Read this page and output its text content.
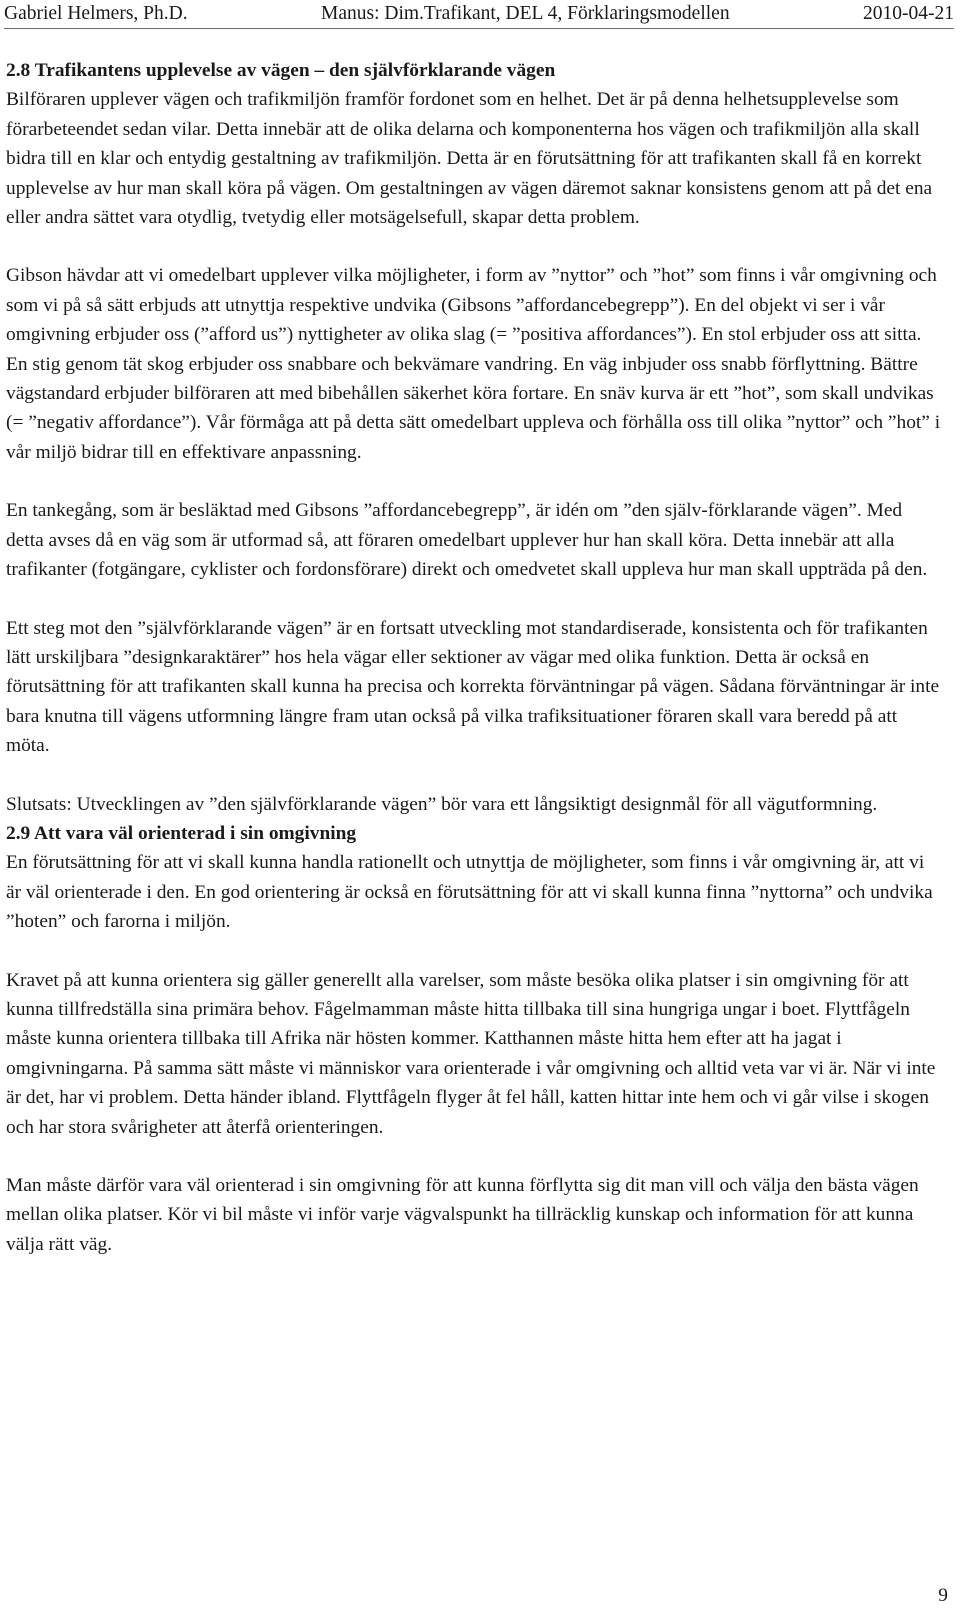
Gabriel Helmers, Ph.D.	Manus: Dim.Trafikant, DEL 4, Förklaringsmodellen	2010-04-21
2.8 Trafikantens upplevelse av vägen – den självförklarande vägen

Bilföraren upplever vägen och trafikmiljön framför fordonet som en helhet. Det är på denna helhetsupplevelse som förarbeteendet sedan vilar. Detta innebär att de olika delarna och komponenterna hos vägen och trafikmiljön alla skall bidra till en klar och entydig gestaltning av trafikmiljön. Detta är en förutsättning för att trafikanten skall få en korrekt upplevelse av hur man skall köra på vägen. Om gestaltningen av vägen däremot saknar konsistens genom att på det ena eller andra sättet vara otydlig, tvetydig eller motsägelsefull, skapar detta problem.

Gibson hävdar att vi omedelbart upplever vilka möjligheter, i form av ”nyttor” och ”hot” som finns i vår omgivning och som vi på så sätt erbjuds att utnyttja respektive undvika (Gibsons ”affordancebegrepp”). En del objekt vi ser i vår omgivning erbjuder oss (”afford us”) nyttigheter av olika slag (= ”positiva affordances”). En stol erbjuder oss att sitta. En stig genom tät skog erbjuder oss snabbare och bekvämare vandring. En väg inbjuder oss snabb förflyttning. Bättre vägstandard erbjuder bilföraren att med bibehållen säkerhet köra fortare. En snäv kurva är ett ”hot”, som skall undvikas (= ”negativ affordance”). Vår förmåga att på detta sätt omedelbart uppleva och förhålla oss till olika ”nyttor” och ”hot” i vår miljö bidrar till en effektivare anpassning.

En tankegång, som är besläktad med Gibsons ”affordancebegrepp”, är idén om ”den själv-förklarande vägen”. Med detta avses då en väg som är utformad så, att föraren omedelbart upplever hur han skall köra. Detta innebär att alla trafikanter (fotgängare, cyklister och fordonsförare) direkt och omedvetet skall uppleva hur man skall uppträda på den.

Ett steg mot den ”självförklarande vägen” är en fortsatt utveckling mot standardiserade, konsistenta och för trafikanten lätt urskiljbara ”designkaraktärer” hos hela vägar eller sektioner av vägar med olika funktion. Detta är också en förutsättning för att trafikanten skall kunna ha precisa och korrekta förväntningar på vägen. Sådana förväntningar är inte bara knutna till vägens utformning längre fram utan också på vilka trafiksituationer föraren skall vara beredd på att möta.

Slutsats: Utvecklingen av ”den självförklarande vägen” bör vara ett långsiktigt designmål för all vägutformning.

2.9 Att vara väl orienterad i sin omgivning

En förutsättning för att vi skall kunna handla rationellt och utnyttja de möjligheter, som finns i vår omgivning är, att vi är väl orienterade i den. En god orientering är också en förutsättning för att vi skall kunna finna ”nyttorna” och undvika ”hoten” och farorna i miljön.

Kravet på att kunna orientera sig gäller generellt alla varelser, som måste besöka olika platser i sin omgivning för att kunna tillfredställa sina primära behov. Fågelmamman måste hitta tillbaka till sina hungriga ungar i boet. Flyttfågeln måste kunna orientera tillbaka till Afrika när hösten kommer. Katthannen måste hitta hem efter att ha jagat i omgivningarna. På samma sätt måste vi människor vara orienterade i vår omgivning och alltid veta var vi är. När vi inte är det, har vi problem. Detta händer ibland. Flyttfågeln flyger åt fel håll, katten hittar inte hem och vi går vilse i skogen och har stora svårigheter att återfå orienteringen.

Man måste därför vara väl orienterad i sin omgivning för att kunna förflytta sig dit man vill och välja den bästa vägen mellan olika platser. Kör vi bil måste vi inför varje vägvalspunkt ha tillräcklig kunskap och information för att kunna välja rätt väg.

9
